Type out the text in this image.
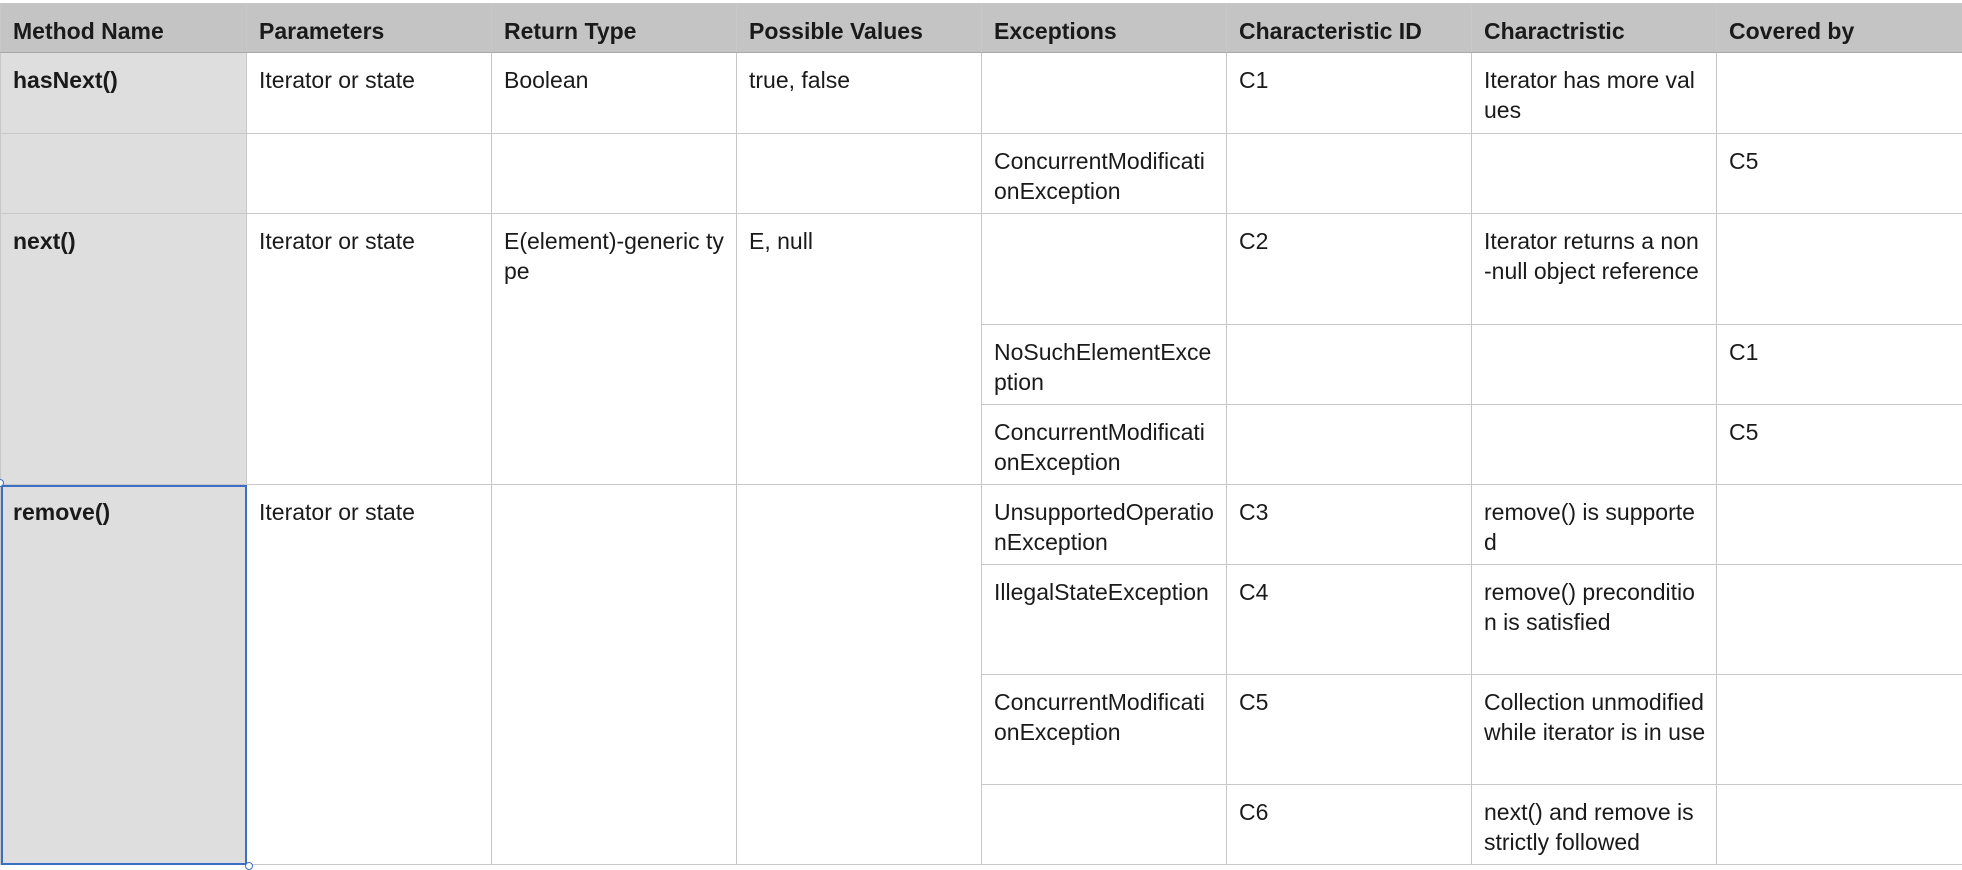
Method Name	Parameters	Return Type	Possible Values	Exceptions	Characteristic ID	Charactristic	Covered by
hasNext()	Iterator or state	Boolean	true, false		C1	Iterator has more values	
				ConcurrentModificationException			C5
next()	Iterator or state	E(element)-generic type	E, null		C2	Iterator returns a non-null object reference	
				NoSuchElementException			C1
				ConcurrentModificationException			C5
remove()	Iterator or state			UnsupportedOperationException	C3	remove() is supported	
				IllegalStateException	C4	remove() precondition is satisfied	
				ConcurrentModificationException	C5	Collection unmodified while iterator is in use	
					C6	next() and remove is strictly followed	
